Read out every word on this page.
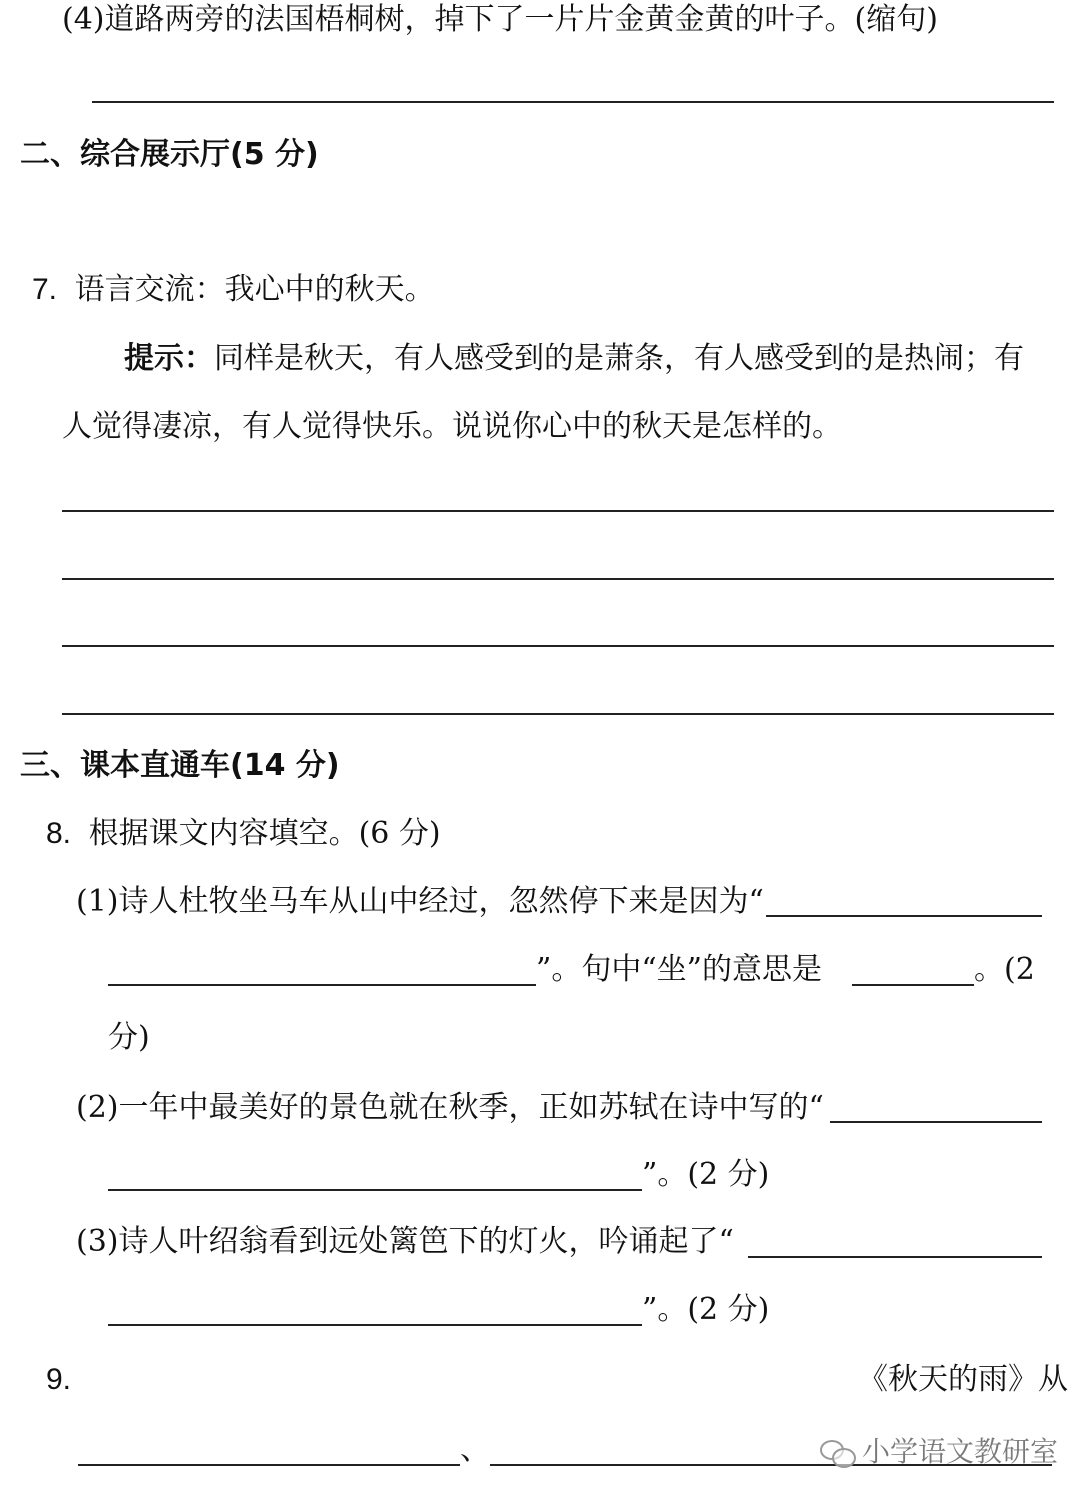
(4)道路两旁的法国梧桐树，掉下了一片片金黄金黄的叶子。(缩句)
二、综合展示厅(5 分)
7. 语言交流：我心中的秋天。
提示：同样是秋天，有人感受到的是萧条，有人感受到的是热闹；有
人觉得凄凉，有人觉得快乐。说说你心中的秋天是怎样的。
三、课本直通车(14 分)
8. 根据课文内容填空。(6 分)
(1)诗人杜牧坐马车从山中经过，忽然停下来是因为“
”。句中“坐”的意思是	。(2
分)
(2)一年中最美好的景色就在秋季，正如苏轼在诗中写的“
”。(2 分)
(3)诗人叶绍翁看到远处篱笆下的灯火，吟诵起了“
”。(2 分)
9.	《秋天的雨》从
、	小学语文教研室
